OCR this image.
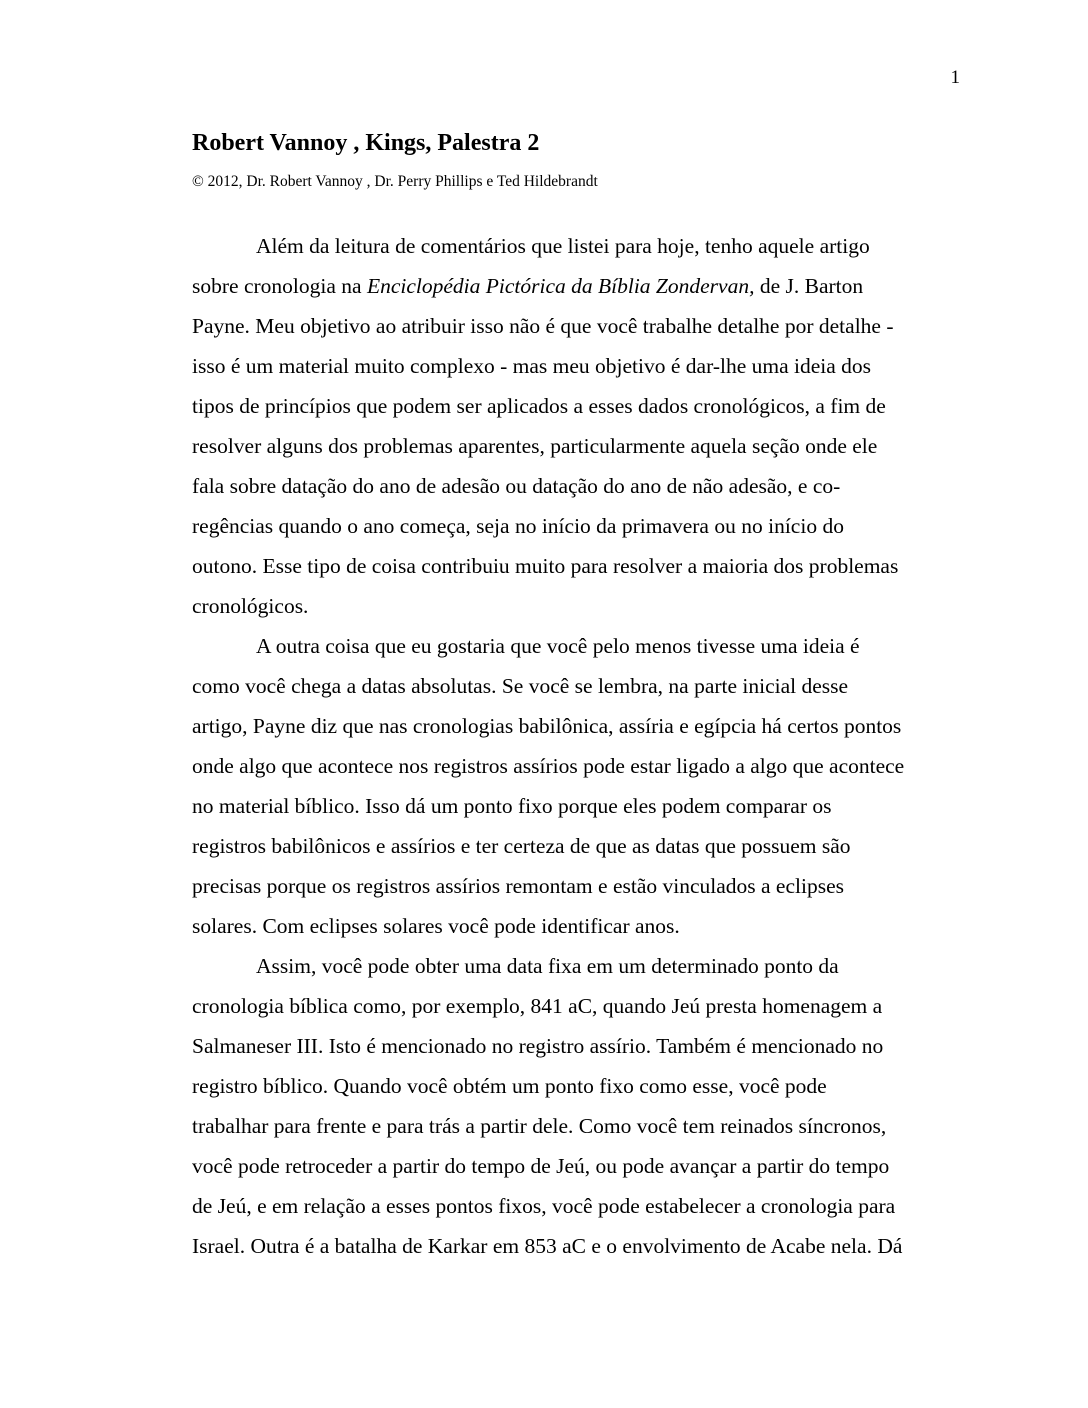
1
Robert Vannoy , Kings, Palestra 2
© 2012, Dr. Robert Vannoy , Dr. Perry Phillips e Ted Hildebrandt
Além da leitura de comentários que listei para hoje, tenho aquele artigo
sobre cronologia na Enciclopédia Pictórica da Bíblia Zondervan, de J. Barton
Payne. Meu objetivo ao atribuir isso não é que você trabalhe detalhe por detalhe -
isso é um material muito complexo - mas meu objetivo é dar-lhe uma ideia dos
tipos de princípios que podem ser aplicados a esses dados cronológicos, a fim de
resolver alguns dos problemas aparentes, particularmente aquela seção onde ele
fala sobre datação do ano de adesão ou datação do ano de não adesão, e co-
regências quando o ano começa, seja no início da primavera ou no início do
outono. Esse tipo de coisa contribuiu muito para resolver a maioria dos problemas
cronológicos.
A outra coisa que eu gostaria que você pelo menos tivesse uma ideia é
como você chega a datas absolutas. Se você se lembra, na parte inicial desse
artigo, Payne diz que nas cronologias babilônica, assíria e egípcia há certos pontos
onde algo que acontece nos registros assírios pode estar ligado a algo que acontece
no material bíblico. Isso dá um ponto fixo porque eles podem comparar os
registros babilônicos e assírios e ter certeza de que as datas que possuem são
precisas porque os registros assírios remontam e estão vinculados a eclipses
solares. Com eclipses solares você pode identificar anos.
Assim, você pode obter uma data fixa em um determinado ponto da
cronologia bíblica como, por exemplo, 841 aC, quando Jeú presta homenagem a
Salmaneser III. Isto é mencionado no registro assírio. Também é mencionado no
registro bíblico. Quando você obtém um ponto fixo como esse, você pode
trabalhar para frente e para trás a partir dele. Como você tem reinados síncronos,
você pode retroceder a partir do tempo de Jeú, ou pode avançar a partir do tempo
de Jeú, e em relação a esses pontos fixos, você pode estabelecer a cronologia para
Israel. Outra é a batalha de Karkar em 853 aC e o envolvimento de Acabe nela. Dá
